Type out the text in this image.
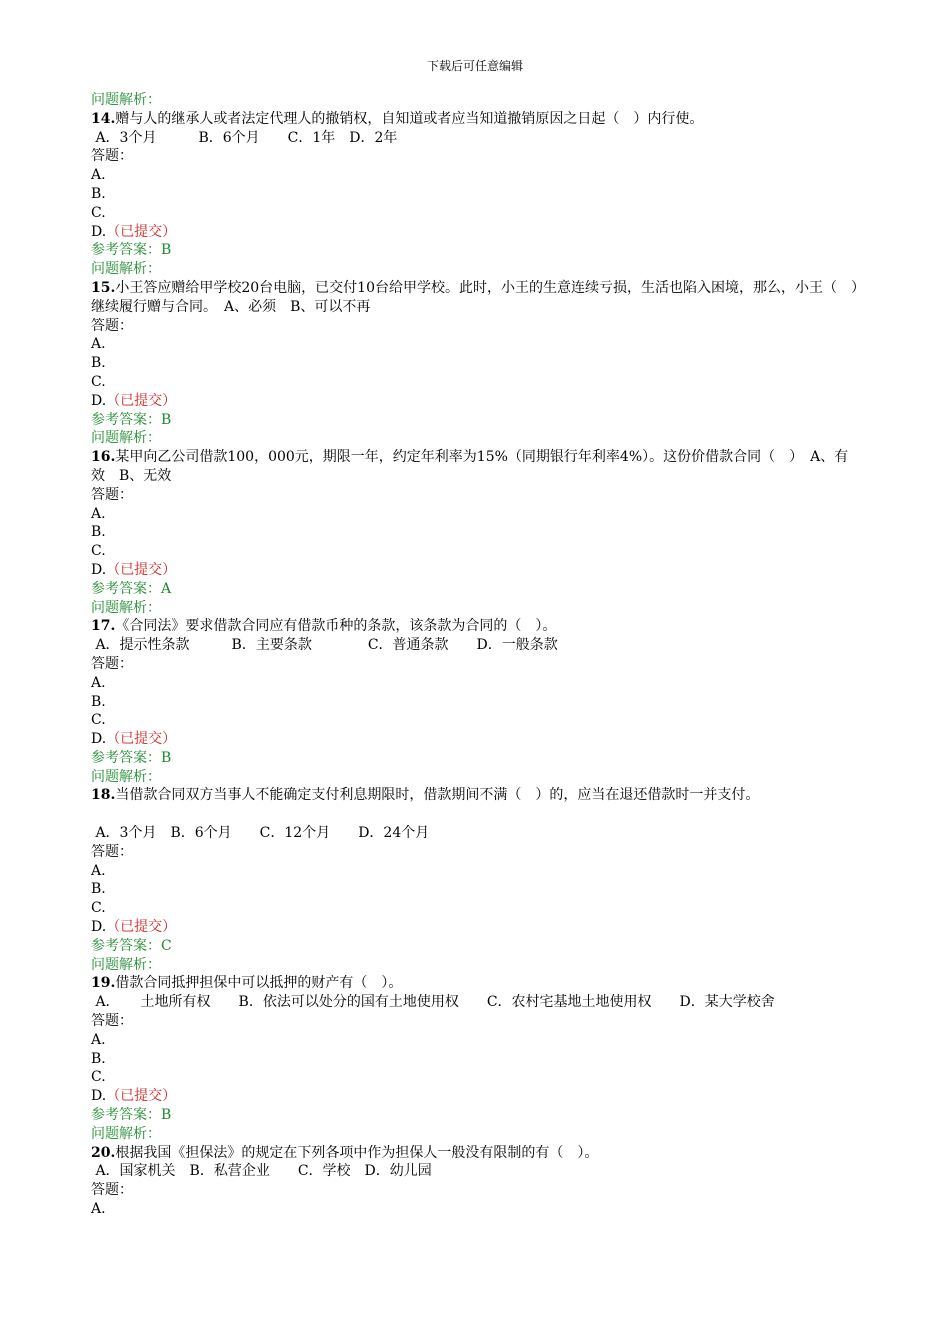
下载后可任意编辑
问题解析：
14.赠与人的继承人或者法定代理人的撤销权，自知道或者应当知道撤销原因之日起（　）内行使。
A．3个月　　　B．6个月　　C．1年　D．2年
答题：
A.
B.
C.
D.（已提交）
参考答案：B
问题解析：
15.小王答应赠给甲学校20台电脑，已交付10台给甲学校。此时，小王的生意连续亏损，生活也陷入困境，那么，小王（　）继续履行赠与合同。　A、必须　B、可以不再
答题：
A.
B.
C.
D.（已提交）
参考答案：B
问题解析：
16.某甲向乙公司借款100，000元，期限一年，约定年利率为15%（同期银行年利率4%）。这份价借款合同（　）　A、有效　B、无效
答题：
A.
B.
C.
D.（已提交）
参考答案：A
问题解析：
17.《合同法》要求借款合同应有借款币种的条款，该条款为合同的（　）。
A．提示性条款　　　B．主要条款　　　　C．普通条款　　D．一般条款
答题：
A.
B.
C.
D.（已提交）
参考答案：B
问题解析：
18.当借款合同双方当事人不能确定支付利息期限时，借款期间不满（　）的，应当在退还借款时一并支付。

A．3个月　B．6个月　　C．12个月　　D．24个月
答题：
A.
B.
C.
D.（已提交）
参考答案：C
问题解析：
19.借款合同抵押担保中可以抵押的财产有（　）。
A．　　土地所有权　　B．依法可以处分的国有土地使用权　　C．农村宅基地土地使用权　　D．某大学校舍
答题：
A.
B.
C.
D.（已提交）
参考答案：B
问题解析：
20.根据我国《担保法》的规定在下列各项中作为担保人一般没有限制的有（　）。
A．国家机关　B．私营企业　　C．学校　D．幼儿园
答题：
A.
